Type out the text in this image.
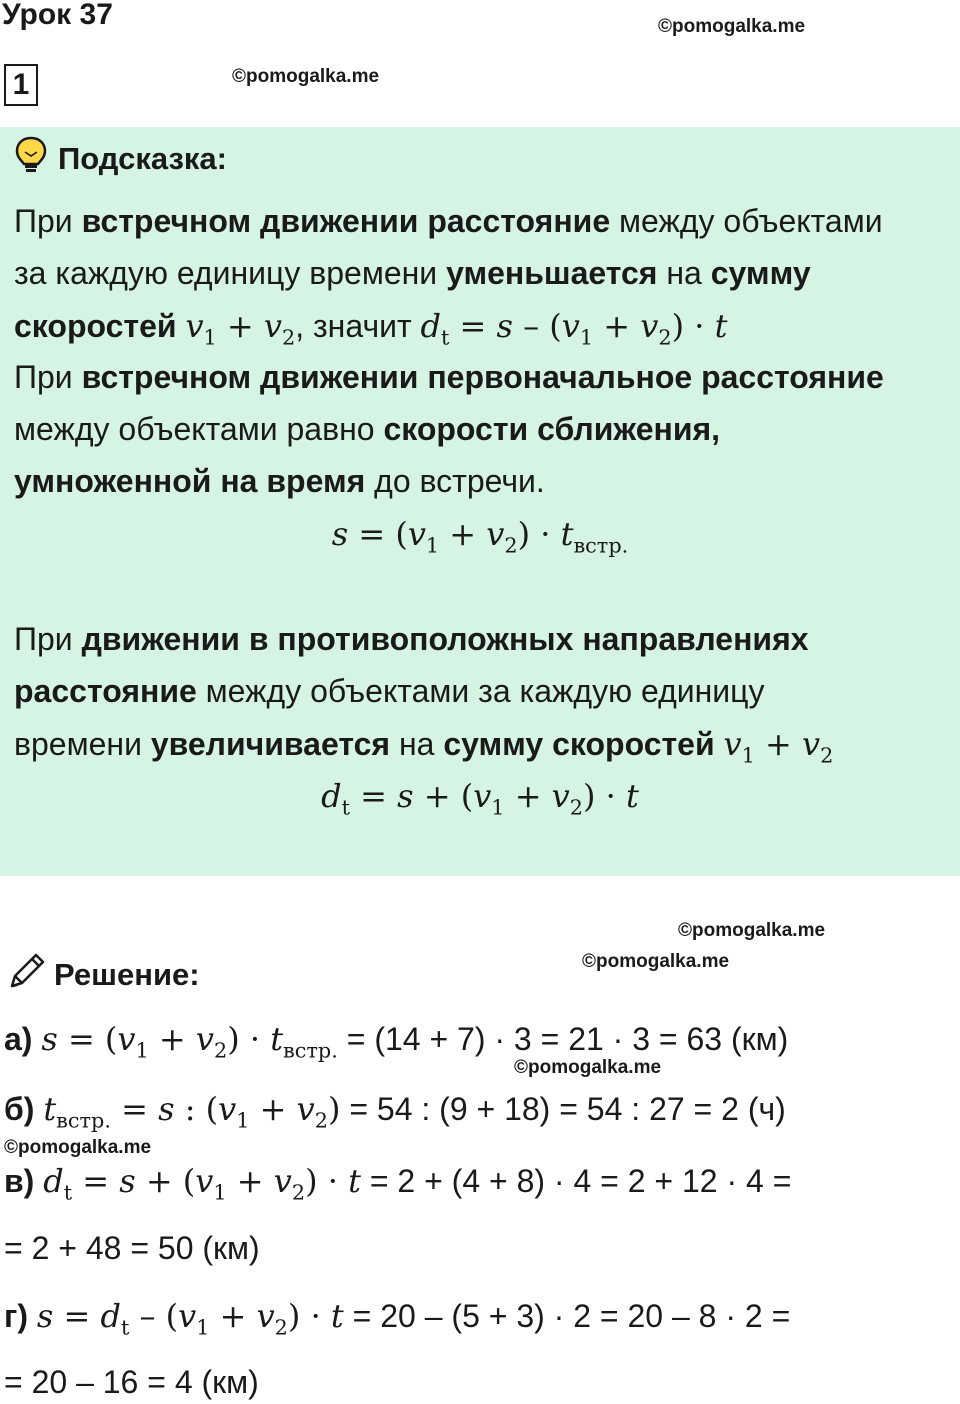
Урок 37	©pomogalka.me
1	©pomogalka.me
Подсказка:
При встречном движении расстояние между объектами
за каждую единицу времени уменьшается на сумму
скоростей $v_1 + v_2$, значит $d_t = s - (v_1 + v_2) \cdot t$
При встречном движении первоначальное расстояние
между объектами равно скорости сближения,
умноженной на время до встречи.
$s = (v_1 + v_2) \cdot t_{встр.}$
При движении в противоположных направлениях
расстояние между объектами за каждую единицу
времени увеличивается на сумму скоростей $v_1 + v_2$
$d_t = s + (v_1 + v_2) \cdot t$
©pomogalka.me
©pomogalka.me
Решение:
а) $s = (v_1 + v_2) \cdot t_{встр.} = (14 + 7) \cdot 3 = 21 \cdot 3 = 63$ (км)
©pomogalka.me
б) $t_{встр.} = s$ : $(v_1 + v_2) = 54$ : (9 + 18) = 54 : 27 = 2 (ч)
©pomogalka.me
в) $d_t = s + (v_1 + v_2) \cdot t = 2 + (4 + 8) \cdot 4 = 2 + 12 \cdot 4$ =
= 2 + 48 = 50 (км)
г) $s = d_t - (v_1 + v_2) \cdot t = 20 - (5 + 3) \cdot 2 = 20 - 8 \cdot 2$ =
= 20 – 16 = 4 (км)
